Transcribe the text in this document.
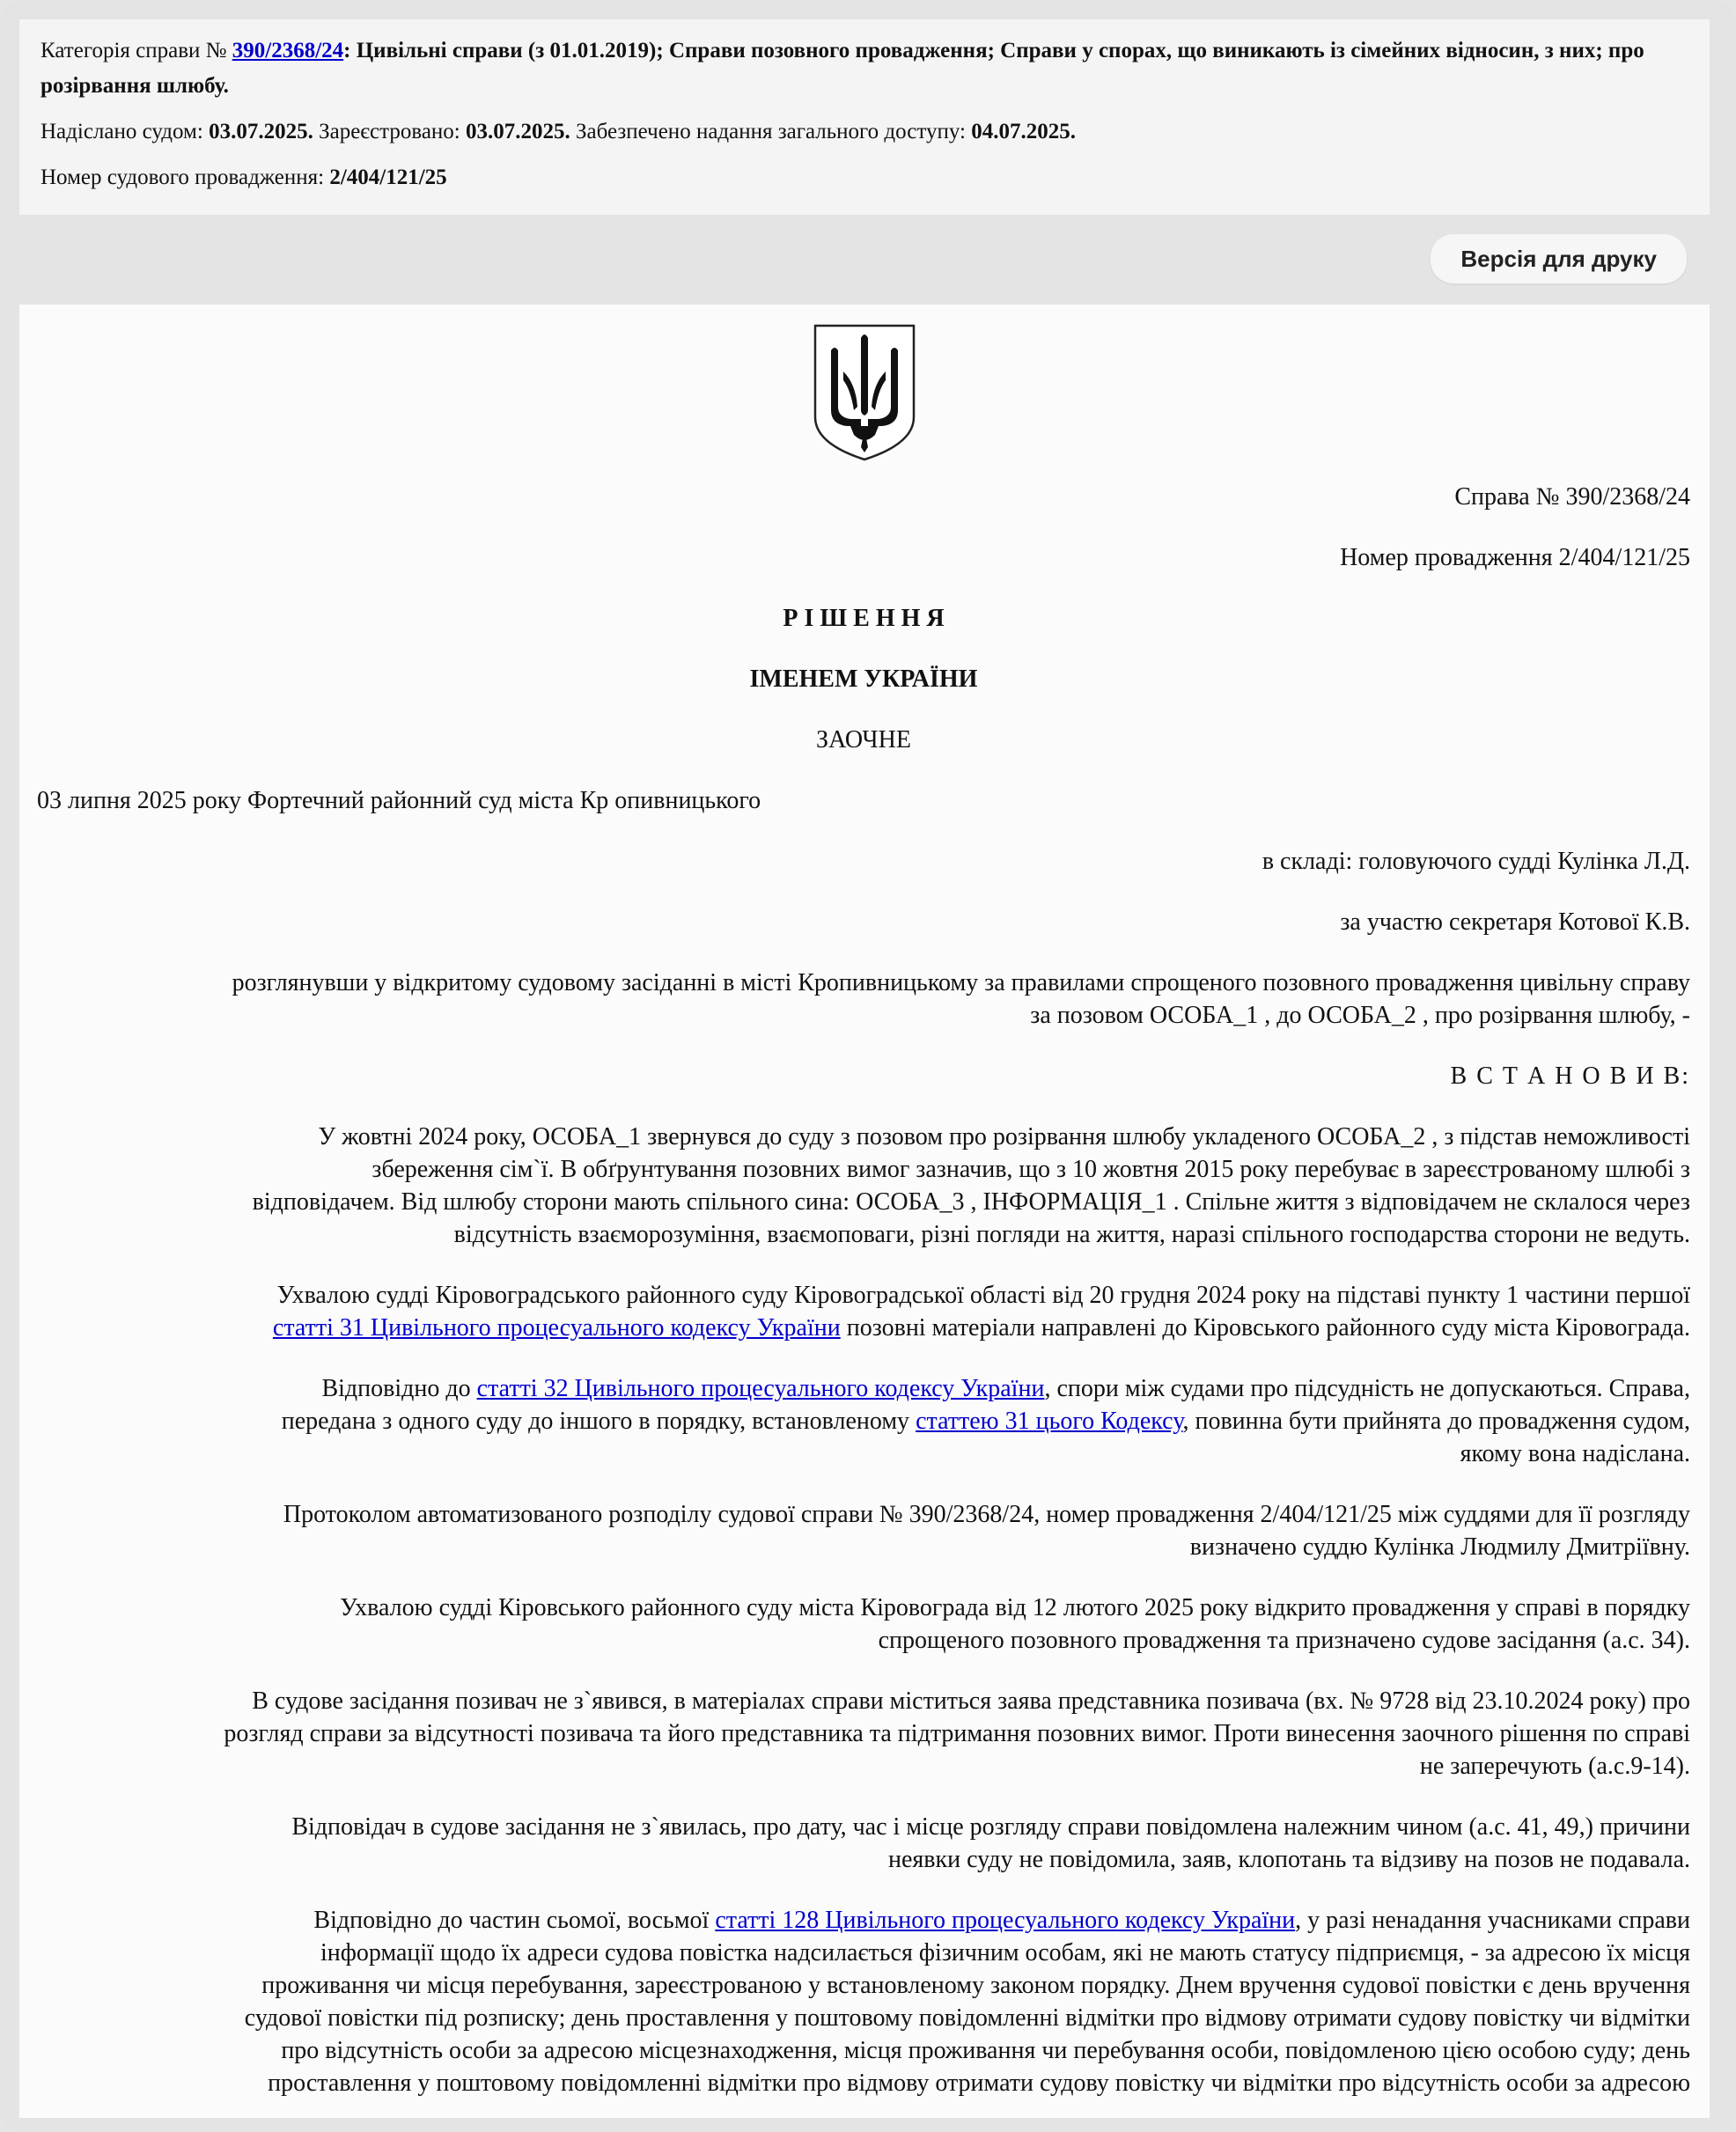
Категорія справи № 390/2368/24: Цивільні справи (з 01.01.2019); Справи позовного провадження; Справи у спорах, що виникають із сімейних відносин, з них; про розірвання шлюбу.

Надіслано судом: 03.07.2025. Зареєстровано: 03.07.2025. Забезпечено надання загального доступу: 04.07.2025.

Номер судового провадження: 2/404/121/25

Версія для друку

Справа № 390/2368/24

Номер провадження 2/404/121/25

Р І Ш Е Н Н Я

ІМЕНЕМ УКРАЇНИ

ЗАОЧНЕ

03 липня 2025 року Фортечний районний суд міста Кр опивницького

в складі: головуючого судді Кулінка Л.Д.

за участю секретаря Котової К.В.

розглянувши у відкритому судовому засіданні в місті Кропивницькому за правилами спрощеного позовного провадження цивільну справу
за позовом ОСОБА_1 , до ОСОБА_2 , про розірвання шлюбу, -

В С Т А Н О В И В:

У жовтні 2024 року, ОСОБА_1 звернувся до суду з позовом про розірвання шлюбу укладеного ОСОБА_2 , з підстав неможливості
збереження сім`ї. В обґрунтування позовних вимог зазначив, що з 10 жовтня 2015 року перебуває в зареєстрованому шлюбі з
відповідачем. Від шлюбу сторони мають спільного сина: ОСОБА_3 , ІНФОРМАЦІЯ_1 . Спільне життя з відповідачем не склалося через
відсутність взаєморозуміння, взаємоповаги, різні погляди на життя, наразі спільного господарства сторони не ведуть.
Ухвалою судді Кіровоградського районного суду Кіровоградської області від 20 грудня 2024 року на підставі пункту 1 частини першої
статті 31 Цивільного процесуального кодексу України позовні матеріали направлені до Кіровського районного суду міста Кіровограда.
Відповідно до статті 32 Цивільного процесуального кодексу України, спори між судами про підсудність не допускаються. Справа,
передана з одного суду до іншого в порядку, встановленому статтею 31 цього Кодексу, повинна бути прийнята до провадження судом,
якому вона надіслана.
Протоколом автоматизованого розподілу судової справи № 390/2368/24, номер провадження 2/404/121/25 між суддями для її розгляду
визначено суддю Кулінка Людмилу Дмитріївну.
Ухвалою судді Кіровського районного суду міста Кіровограда від 12 лютого 2025 року відкрито провадження у справі в порядку
спрощеного позовного провадження та призначено судове засідання (а.с. 34).
В судове засідання позивач не з`явився, в матеріалах справи міститься заява представника позивача (вх. № 9728 від 23.10.2024 року) про
розгляд справи за відсутності позивача та його представника та підтримання позовних вимог. Проти винесення заочного рішення по справі
не заперечують (а.с.9-14).
Відповідач в судове засідання не з`явилась, про дату, час і місце розгляду справи повідомлена належним чином (а.с. 41, 49,) причини
неявки суду не повідомила, заяв, клопотань та відзиву на позов не подавала.
Відповідно до частин сьомої, восьмої статті 128 Цивільного процесуального кодексу України, у разі ненадання учасниками справи
інформації щодо їх адреси судова повістка надсилається фізичним особам, які не мають статусу підприємця, - за адресою їх місця
проживання чи місця перебування, зареєстрованою у встановленому законом порядку. Днем вручення судової повістки є день вручення
судової повістки під розписку; день проставлення у поштовому повідомленні відмітки про відмову отримати судову повістку чи відмітки
про відсутність особи за адресою місцезнаходження, місця проживання чи перебування особи, повідомленою цією особою суду; день
проставлення у поштовому повідомленні відмітки про відмову отримати судову повістку чи відмітки про відсутність особи за адресою
